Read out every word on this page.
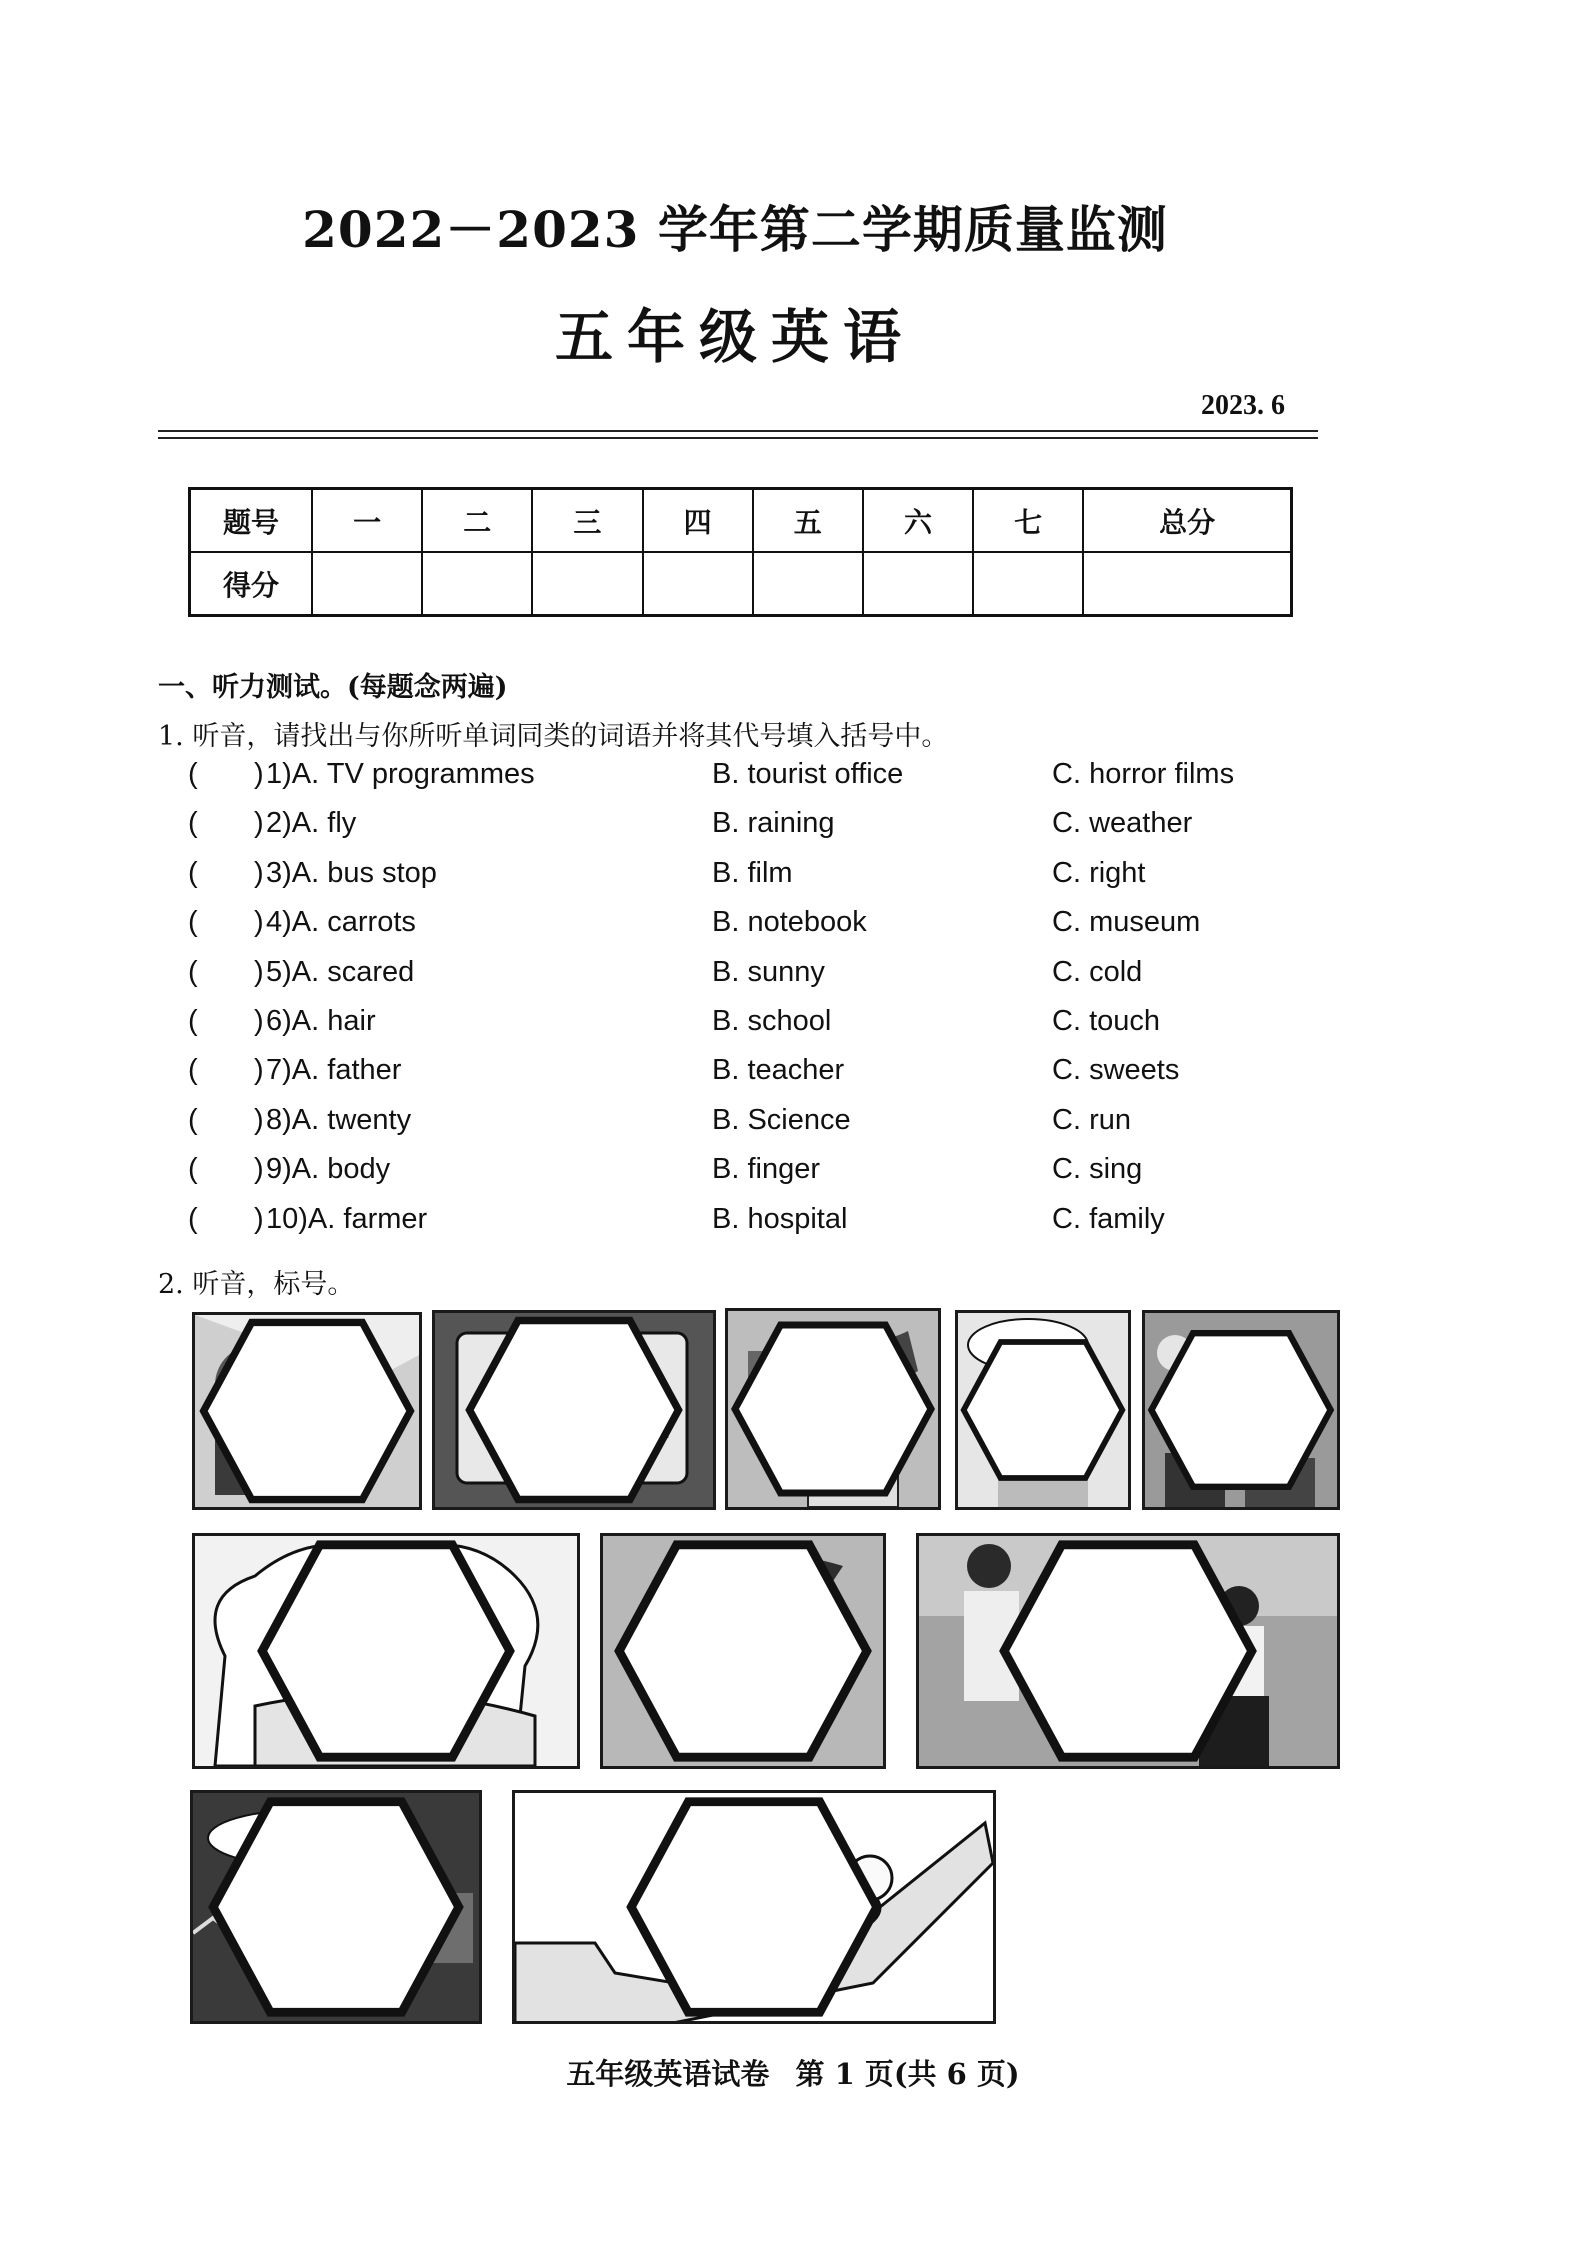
2022－2023 学年第二学期质量监测
五年级英语
2023. 6
题号	一	二	三	四	五	六	七	总分
得分								
一、听力测试。(每题念两遍)
1. 听音，请找出与你所听单词同类的词语并将其代号填入括号中。
(       ) 1)A. TV programmes	B. tourist office	C. horror films
(       ) 2)A. fly	B. raining	C. weather
(       ) 3)A. bus stop	B. film	C. right
(       ) 4)A. carrots	B. notebook	C. museum
(       ) 5)A. scared	B. sunny	C. cold
(       ) 6)A. hair	B. school	C. touch
(       ) 7)A. father	B. teacher	C. sweets
(       ) 8)A. twenty	B. Science	C. run
(       ) 9)A. body	B. finger	C. sing
(       ) 10)A. farmer	B. hospital	C. family
2. 听音，标号。
五年级英语试卷 第 1 页(共 6 页)
